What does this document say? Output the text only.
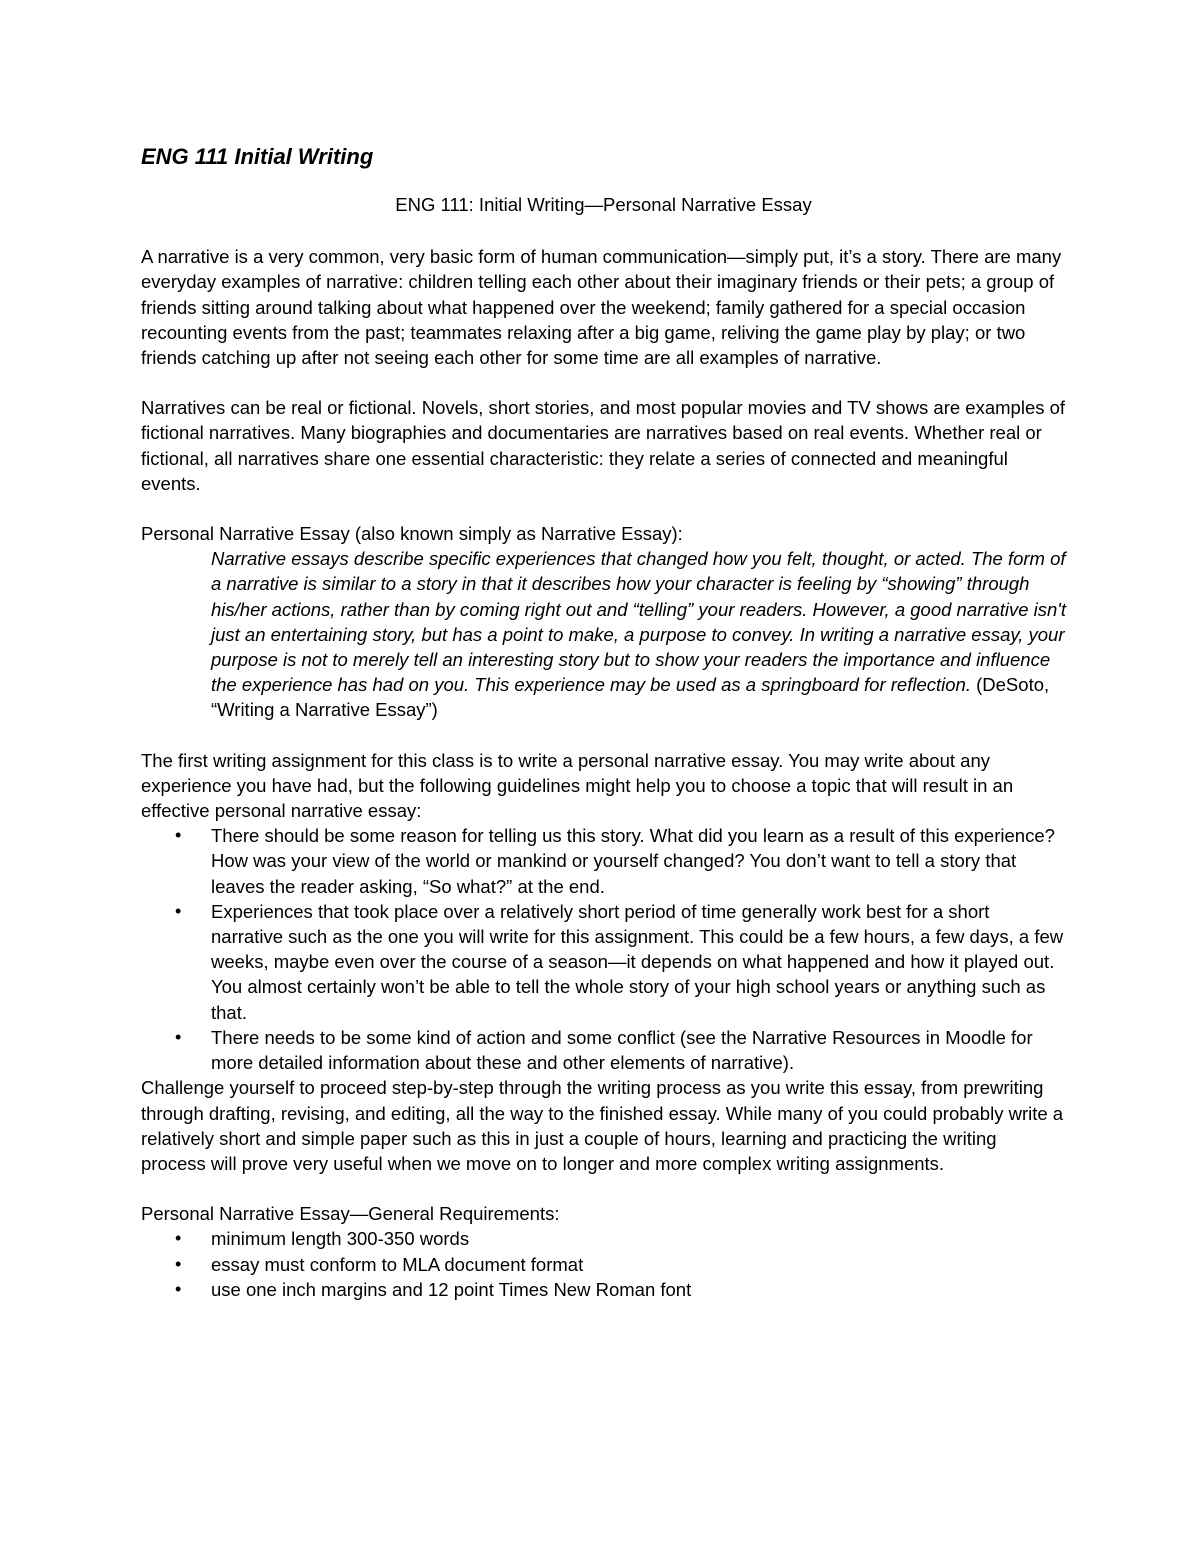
ENG 111 Initial Writing
ENG 111: Initial Writing—Personal Narrative Essay

A narrative is a very common, very basic form of human communication—simply put, it’s a story. There are many everyday examples of narrative: children telling each other about their imaginary friends or their pets; a group of friends sitting around talking about what happened over the weekend; family gathered for a special occasion recounting events from the past; teammates relaxing after a big game, reliving the game play by play; or two friends catching up after not seeing each other for some time are all examples of narrative.

Narratives can be real or fictional. Novels, short stories, and most popular movies and TV shows are examples of fictional narratives. Many biographies and documentaries are narratives based on real events. Whether real or fictional, all narratives share one essential characteristic: they relate a series of connected and meaningful events.

Personal Narrative Essay (also known simply as Narrative Essay):

Narrative essays describe specific experiences that changed how you felt, thought, or acted. The form of a narrative is similar to a story in that it describes how your character is feeling by “showing” through his/her actions, rather than by coming right out and “telling” your readers. However, a good narrative isn't just an entertaining story, but has a point to make, a purpose to convey. In writing a narrative essay, your purpose is not to merely tell an interesting story but to show your readers the importance and influence the experience has had on you. This experience may be used as a springboard for reflection. (DeSoto, “Writing a Narrative Essay”)

The first writing assignment for this class is to write a personal narrative essay. You may write about any experience you have had, but the following guidelines might help you to choose a topic that will result in an effective personal narrative essay:

• There should be some reason for telling us this story. What did you learn as a result of this experience? How was your view of the world or mankind or yourself changed? You don’t want to tell a story that leaves the reader asking, “So what?” at the end.
• Experiences that took place over a relatively short period of time generally work best for a short narrative such as the one you will write for this assignment. This could be a few hours, a few days, a few weeks, maybe even over the course of a season—it depends on what happened and how it played out. You almost certainly won’t be able to tell the whole story of your high school years or anything such as that.
• There needs to be some kind of action and some conflict (see the Narrative Resources in Moodle for more detailed information about these and other elements of narrative).

Challenge yourself to proceed step-by-step through the writing process as you write this essay, from prewriting through drafting, revising, and editing, all the way to the finished essay. While many of you could probably write a relatively short and simple paper such as this in just a couple of hours, learning and practicing the writing process will prove very useful when we move on to longer and more complex writing assignments.

Personal Narrative Essay—General Requirements:

• minimum length 300-350 words
• essay must conform to MLA document format
• use one inch margins and 12 point Times New Roman font
